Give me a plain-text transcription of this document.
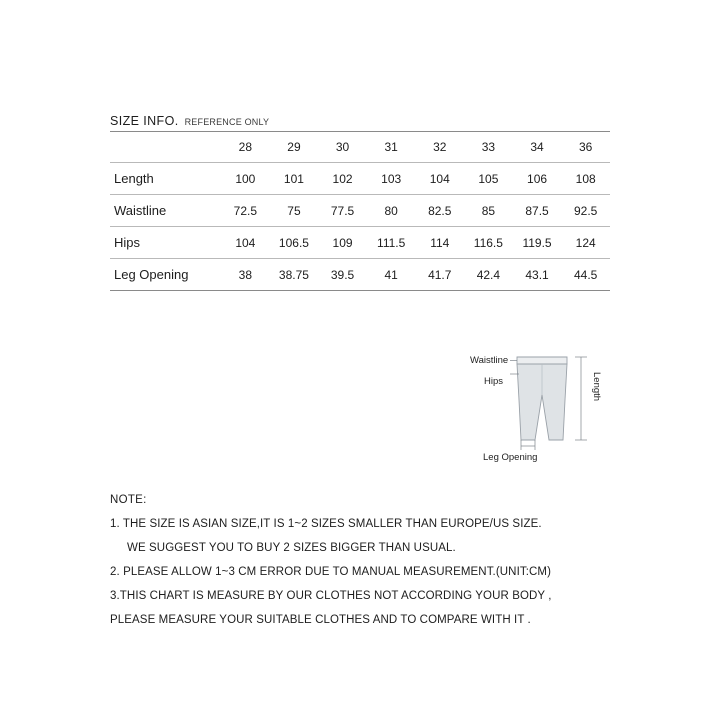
SIZE INFO. REFERENCE ONLY
	28	29	30	31	32	33	34	36
Length	100	101	102	103	104	105	106	108
Waistline	72.5	75	77.5	80	82.5	85	87.5	92.5
Hips	104	106.5	109	111.5	114	116.5	119.5	124
Leg Opening	38	38.75	39.5	41	41.7	42.4	43.1	44.5
Waistline
Hips
Leg Opening
Length
NOTE:
1. THE SIZE IS ASIAN SIZE,IT IS 1~2 SIZES SMALLER THAN EUROPE/US SIZE.
WE SUGGEST YOU TO BUY 2 SIZES BIGGER THAN USUAL.
2. PLEASE ALLOW 1~3 CM ERROR DUE TO MANUAL MEASUREMENT.(UNIT:CM)
3.THIS CHART IS MEASURE BY OUR CLOTHES NOT ACCORDING YOUR BODY ,
PLEASE MEASURE YOUR SUITABLE CLOTHES AND TO COMPARE WITH IT .
